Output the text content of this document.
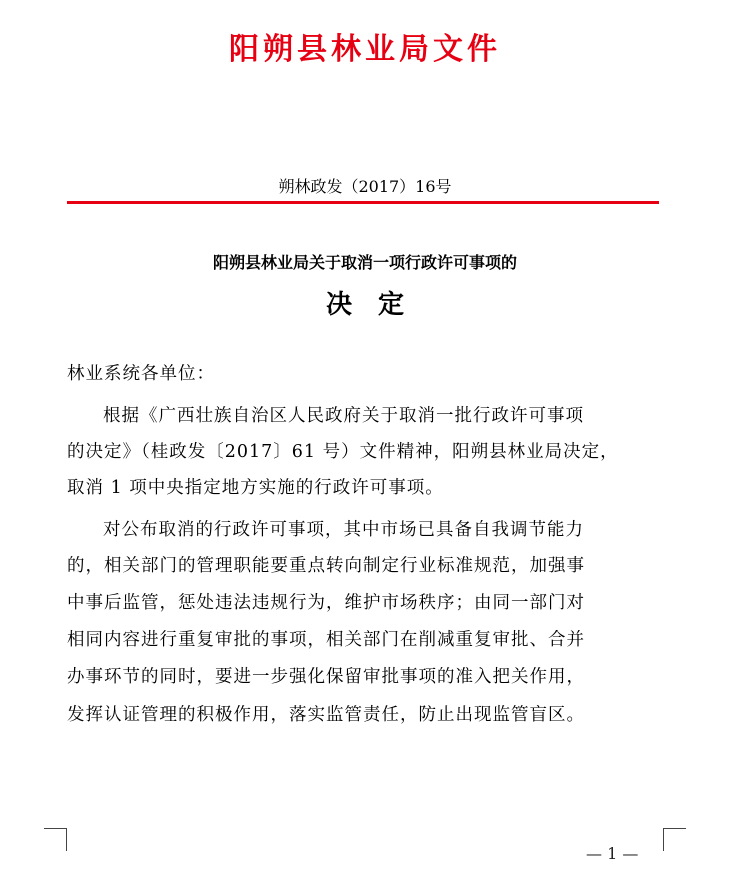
阳朔县林业局文件
朔林政发（2017）16号
阳朔县林业局关于取消一项行政许可事项的
决定
林业系统各单位：
根据《广西壮族自治区人民政府关于取消一批行政许可事项
的决定》（桂政发〔2017〕61 号）文件精神，阳朔县林业局决定，
取消 1 项中央指定地方实施的行政许可事项。
对公布取消的行政许可事项，其中市场已具备自我调节能力
的，相关部门的管理职能要重点转向制定行业标准规范，加强事
中事后监管，惩处违法违规行为，维护市场秩序；由同一部门对
相同内容进行重复审批的事项，相关部门在削减重复审批、合并
办事环节的同时，要进一步强化保留审批事项的准入把关作用，
发挥认证管理的积极作用，落实监管责任，防止出现监管盲区。
— 1 —
